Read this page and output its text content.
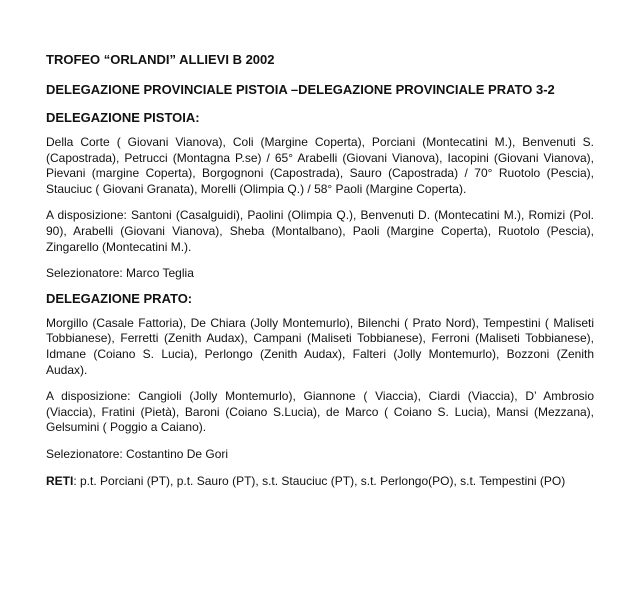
TROFEO “ORLANDI” ALLIEVI B 2002
DELEGAZIONE PROVINCIALE PISTOIA –DELEGAZIONE PROVINCIALE PRATO 3-2
DELEGAZIONE PISTOIA:

Della Corte ( Giovani Vianova), Coli (Margine Coperta), Porciani (Montecatini M.), Benvenuti S. (Capostrada), Petrucci (Montagna P.se) / 65° Arabelli (Giovani Vianova), Iacopini (Giovani Vianova), Pievani (margine Coperta), Borgognoni (Capostrada), Sauro (Capostrada) / 70° Ruotolo (Pescia), Stauciuc ( Giovani Granata), Morelli (Olimpia Q.) / 58° Paoli (Margine Coperta).

A disposizione: Santoni (Casalguidi), Paolini (Olimpia Q.), Benvenuti D. (Montecatini M.), Romizi (Pol. 90), Arabelli (Giovani Vianova), Sheba (Montalbano), Paoli (Margine Coperta), Ruotolo (Pescia), Zingarello (Montecatini M.).

Selezionatore: Marco Teglia

DELEGAZIONE PRATO:

Morgillo (Casale Fattoria), De Chiara (Jolly Montemurlo), Bilenchi ( Prato Nord), Tempestini ( Maliseti Tobbianese), Ferretti (Zenith Audax), Campani (Maliseti Tobbianese), Ferroni (Maliseti Tobbianese), Idmane (Coiano S. Lucia), Perlongo (Zenith Audax), Falteri (Jolly Montemurlo), Bozzoni (Zenith Audax).

A disposizione: Cangioli (Jolly Montemurlo), Giannone ( Viaccia), Ciardi (Viaccia), D’ Ambrosio (Viaccia), Fratini (Pietà), Baroni (Coiano S.Lucia), de Marco ( Coiano S. Lucia), Mansi (Mezzana), Gelsumini ( Poggio a Caiano).

Selezionatore: Costantino De Gori

RETI: p.t. Porciani (PT), p.t. Sauro (PT), s.t. Stauciuc (PT), s.t. Perlongo(PO), s.t. Tempestini (PO)
